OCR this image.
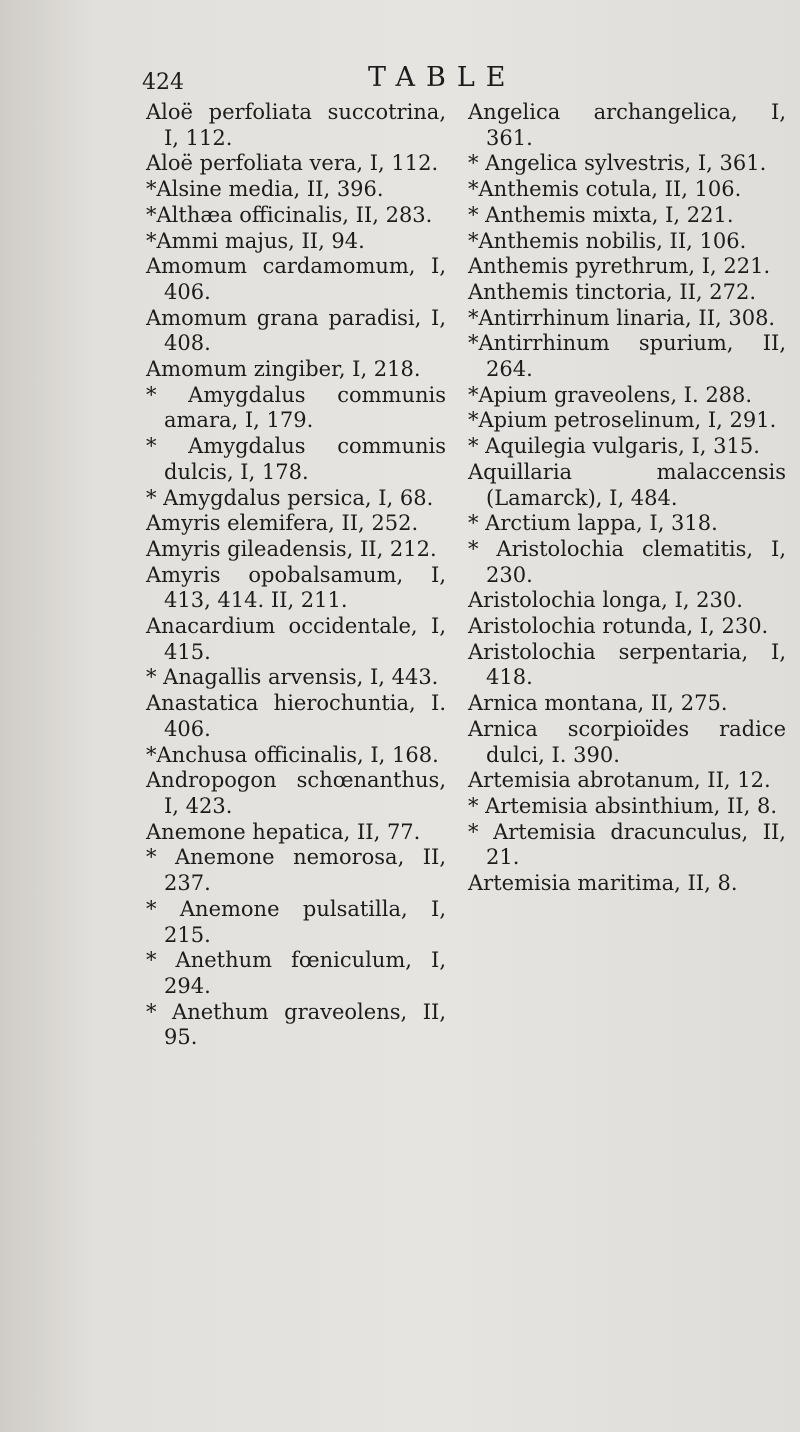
424	TABLE

Aloë perfoliata succotrina, I, 112.

Aloë perfoliata vera, I, 112.

*Alsine media, II, 396.

*Althæa officinalis, II, 283.

*Ammi majus, II, 94.

Amomum cardamomum, I, 406.

Amomum grana paradisi, I, 408.

Amomum zingiber, I, 218.

* Amygdalus communis amara, I, 179.

* Amygdalus communis dulcis, I, 178.

* Amygdalus persica, I, 68.

Amyris elemifera, II, 252.

Amyris gileadensis, II, 212.

Amyris opobalsamum, I, 413, 414. II, 211.

Anacardium occidentale, I, 415.

* Anagallis arvensis, I, 443.

Anastatica hierochuntia, I. 406.

*Anchusa officinalis, I, 168.

Andropogon schœnanthus, I, 423.

Anemone hepatica, II, 77.

* Anemone nemorosa, II, 237.

* Anemone pulsatilla, I, 215.

* Anethum fœniculum, I, 294.

* Anethum graveolens, II, 95.

Angelica archangelica, I, 361.

* Angelica sylvestris, I, 361.

*Anthemis cotula, II, 106.

* Anthemis mixta, I, 221.

*Anthemis nobilis, II, 106.

Anthemis pyrethrum, I, 221.

Anthemis tinctoria, II, 272.

*Antirrhinum linaria, II, 308.

*Antirrhinum spurium, II, 264.

*Apium graveolens, I. 288.

*Apium petroselinum, I, 291.

* Aquilegia vulgaris, I, 315.

Aquillaria malaccensis (Lamarck), I, 484.

* Arctium lappa, I, 318.

* Aristolochia clematitis, I, 230.

Aristolochia longa, I, 230.

Aristolochia rotunda, I, 230.

Aristolochia serpentaria, I, 418.

Arnica montana, II, 275.

Arnica scorpioïdes radice dulci, I. 390.

Artemisia abrotanum, II, 12.

* Artemisia absinthium, II, 8.

* Artemisia dracunculus, II, 21.

Artemisia maritima, II, 8.
